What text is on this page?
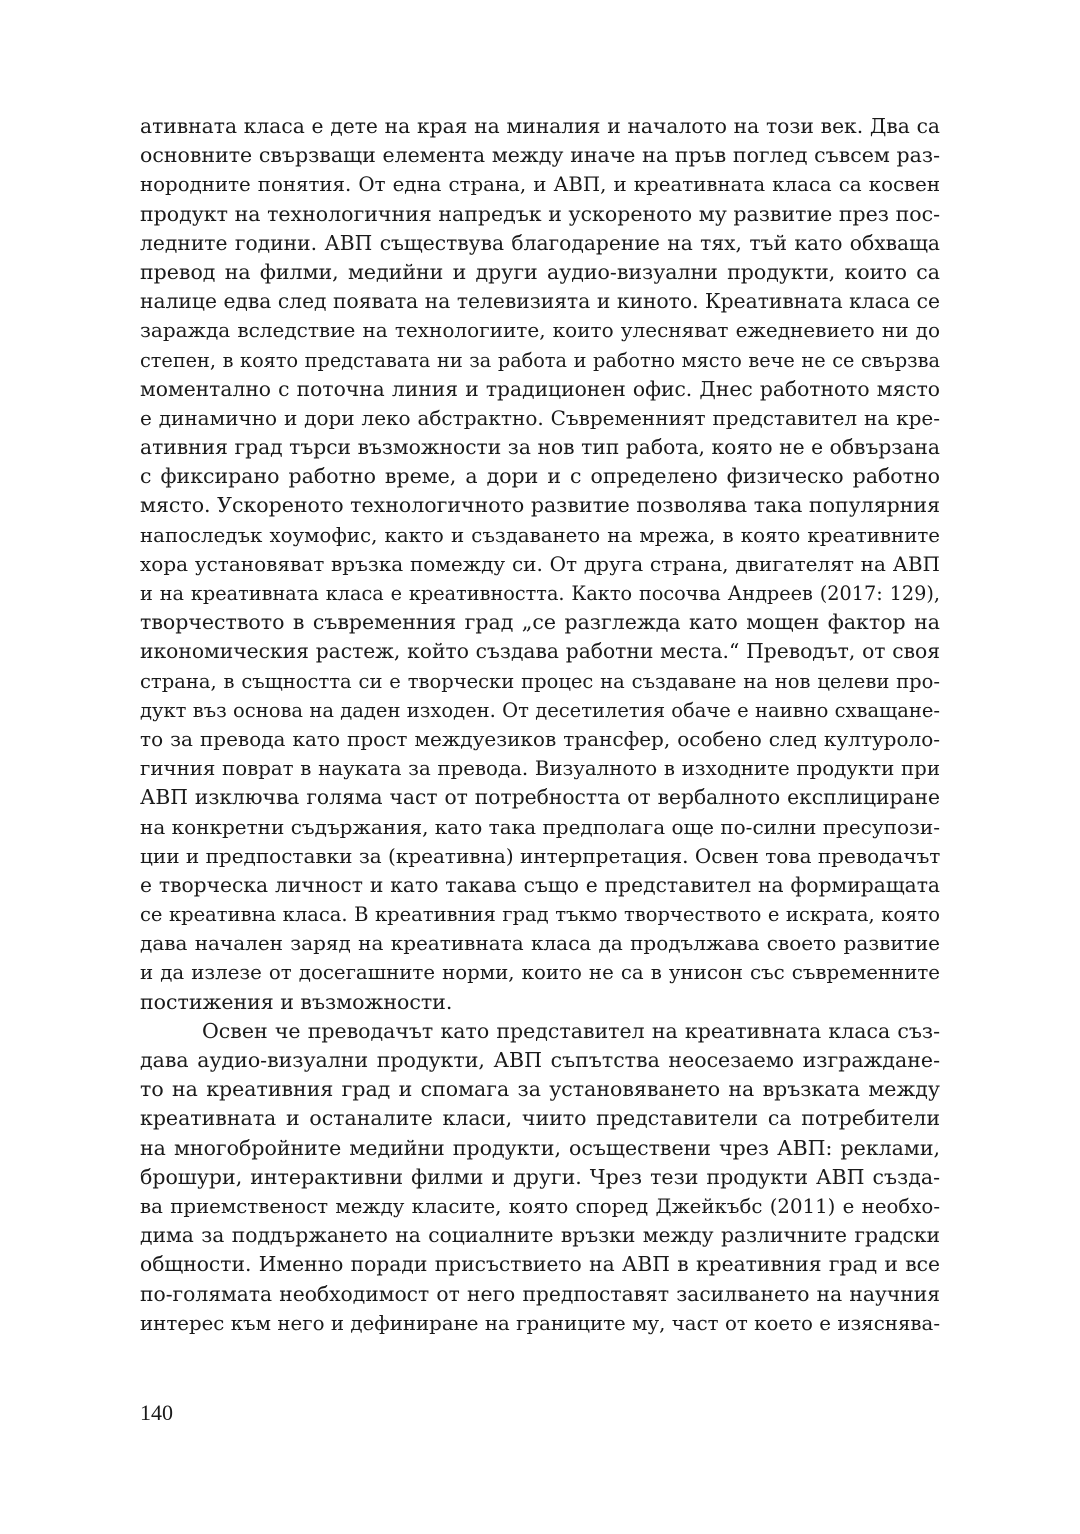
ативната класа е дете на края на миналия и началото на този век. Два са
основните свързващи елемента между иначе на пръв поглед съвсем раз-
нородните понятия. От една страна, и АВП, и креативната класа са косвен
продукт на технологичния напредък и ускореното му развитие през пос-
ледните години. АВП съществува благодарение на тях, тъй като обхваща
превод на филми, медийни и други аудио-визуални продукти, които са
налице едва след появата на телевизията и киното. Креативната класа се
заражда вследствие на технологиите, които улесняват ежедневието ни до
степен, в която представата ни за работа и работно място вече не се свързва
моментално с поточна линия и традиционен офис. Днес работното място
е динамично и дори леко абстрактно. Съвременният представител на кре-
ативния град търси възможности за нов тип работа, която не е обвързана
с фиксирано работно време, а дори и с определено физическо работно
място. Ускореното технологичното развитие позволява така популярния
напоследък хоумофис, както и създаването на мрежа, в която креативните
хора установяват връзка помежду си. От друга страна, двигателят на АВП
и на креативната класа е креативността. Както посочва Андреев (2017: 129),
творчеството в съвременния град „се разглежда като мощен фактор на
икономическия растеж, който създава работни места.“ Преводът, от своя
страна, в същността си е творчески процес на създаване на нов целеви про-
дукт въз основа на даден изходен. От десетилетия обаче е наивно схващане-
то за превода като прост междуезиков трансфер, особено след културоло-
гичния поврат в науката за превода. Визуалното в изходните продукти при
АВП изключва голяма част от потребността от вербалното експлициране
на конкретни съдържания, като така предполага още по-силни пресупози-
ции и предпоставки за (креативна) интерпретация. Освен това преводачът
е творческа личност и като такава също е представител на формиращата
се креативна класа. В креативния град тъкмо творчеството е искрата, която
дава начален заряд на креативната класа да продължава своето развитие
и да излезе от досегашните норми, които не са в унисон със съвременните
постижения и възможности.
Освен че преводачът като представител на креативната класа съз-
дава аудио-визуални продукти, АВП съпътства неосезаемо изграждане-
то на креативния град и спомага за установяването на връзката между
креативната и останалите класи, чиито представители са потребители
на многобройните медийни продукти, осъществени чрез АВП: реклами,
брошури, интерактивни филми и други. Чрез тези продукти АВП създа-
ва приемственост между класите, която според Джейкъбс (2011) е необхо-
дима за поддържането на социалните връзки между различните градски
общности. Именно поради присъствието на АВП в креативния град и все
по-голямата необходимост от него предпоставят засилването на научния
интерес към него и дефиниране на границите му, част от което е изяснява-
140
